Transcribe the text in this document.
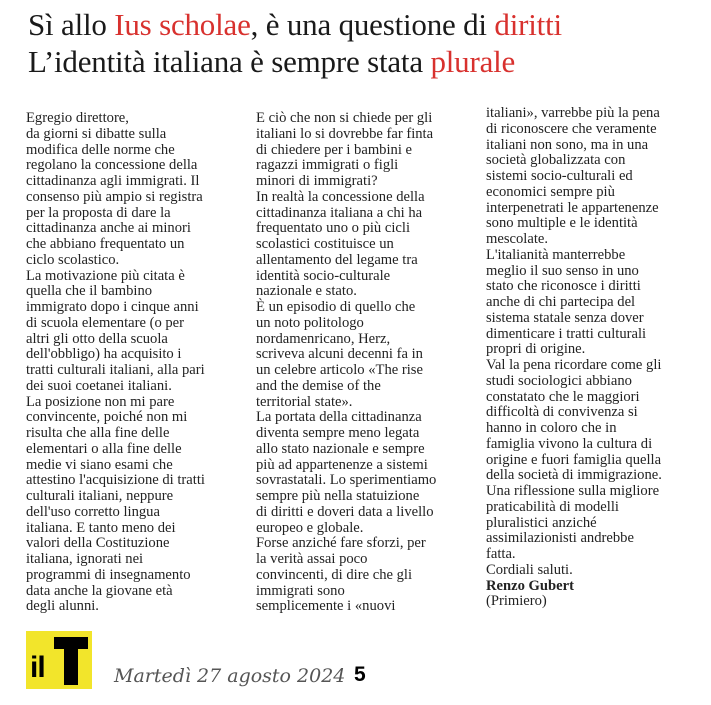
Sì allo Ius scholae, è una questione di diritti
L’identità italiana è sempre stata plurale
Egregio direttore,
da giorni si dibatte sulla
modifica delle norme che
regolano la concessione della
cittadinanza agli immigrati. Il
consenso più ampio si registra
per la proposta di dare la
cittadinanza anche ai minori
che abbiano frequentato un
ciclo scolastico.
La motivazione più citata è
quella che il bambino
immigrato dopo i cinque anni
di scuola elementare (o per
altri gli otto della scuola
dell'obbligo) ha acquisito i
tratti culturali italiani, alla pari
dei suoi coetanei italiani.
La posizione non mi pare
convincente, poiché non mi
risulta che alla fine delle
elementari o alla fine delle
medie vi siano esami che
attestino l'acquisizione di tratti
culturali italiani, neppure
dell'uso corretto lingua
italiana. E tanto meno dei
valori della Costituzione
italiana, ignorati nei
programmi di insegnamento
data anche la giovane età
degli alunni.
E ciò che non si chiede per gli
italiani lo si dovrebbe far finta
di chiedere per i bambini e
ragazzi immigrati o figli
minori di immigrati?
In realtà la concessione della
cittadinanza italiana a chi ha
frequentato uno o più cicli
scolastici costituisce un
allentamento del legame tra
identità socio-culturale
nazionale e stato.
È un episodio di quello che
un noto politologo
nordamenricano, Herz,
scriveva alcuni decenni fa in
un celebre articolo «The rise
and the demise of the
territorial state».
La portata della cittadinanza
diventa sempre meno legata
allo stato nazionale e sempre
più ad appartenenze a sistemi
sovrastatali. Lo sperimentiamo
sempre più nella statuizione
di diritti e doveri data a livello
europeo e globale.
Forse anziché fare sforzi, per
la verità assai poco
convincenti, di dire che gli
immigrati sono
semplicemente i «nuovi
italiani», varrebbe più la pena
di riconoscere che veramente
italiani non sono, ma in una
società globalizzata con
sistemi socio-culturali ed
economici sempre più
interpenetrati le appartenenze
sono multiple e le identità
mescolate.
L'italianità manterrebbe
meglio il suo senso in uno
stato che riconosce i diritti
anche di chi partecipa del
sistema statale senza dover
dimenticare i tratti culturali
propri di origine.
Val la pena ricordare come gli
studi sociologici abbiano
constatato che le maggiori
difficoltà di convivenza si
hanno in coloro che in
famiglia vivono la cultura di
origine e fuori famiglia quella
della società di immigrazione.
Una riflessione sulla migliore
praticabilità di modelli
pluralistici anziché
assimilazionisti andrebbe
fatta.
Cordiali saluti.
Renzo Gubert
(Primiero)
il	Martedì 27 agosto 2024 5
